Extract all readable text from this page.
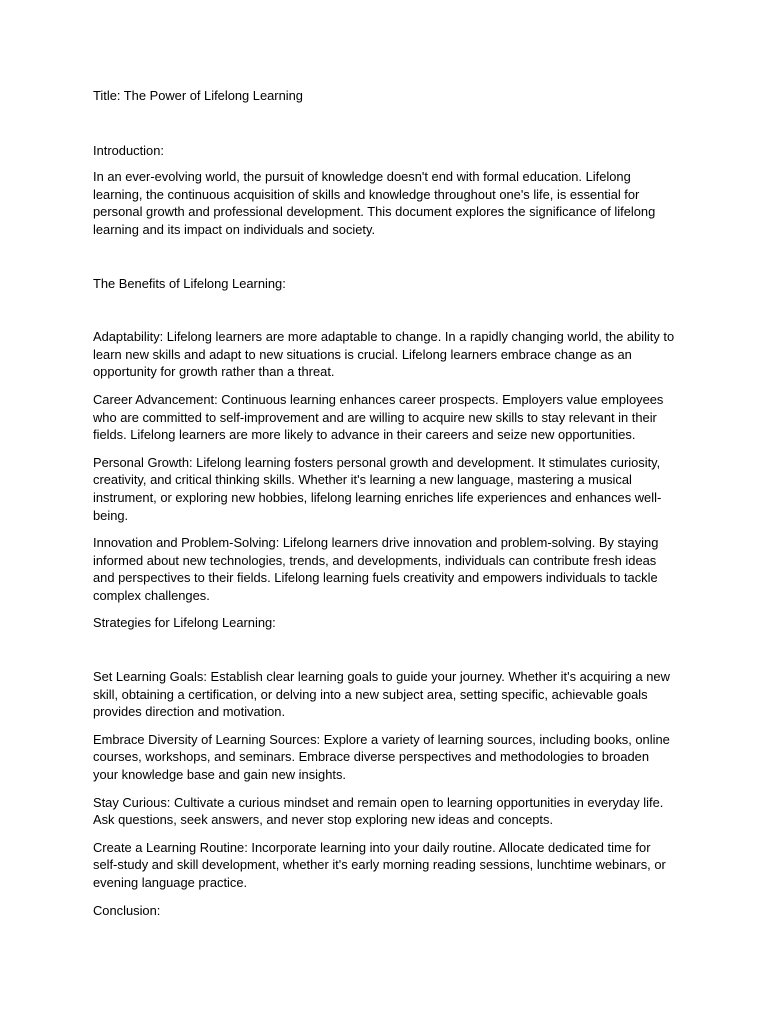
Title: The Power of Lifelong Learning

Introduction:

In an ever-evolving world, the pursuit of knowledge doesn't end with formal education. Lifelong learning, the continuous acquisition of skills and knowledge throughout one's life, is essential for personal growth and professional development. This document explores the significance of lifelong learning and its impact on individuals and society.

The Benefits of Lifelong Learning:

Adaptability: Lifelong learners are more adaptable to change. In a rapidly changing world, the ability to learn new skills and adapt to new situations is crucial. Lifelong learners embrace change as an opportunity for growth rather than a threat.

Career Advancement: Continuous learning enhances career prospects. Employers value employees who are committed to self-improvement and are willing to acquire new skills to stay relevant in their fields. Lifelong learners are more likely to advance in their careers and seize new opportunities.

Personal Growth: Lifelong learning fosters personal growth and development. It stimulates curiosity, creativity, and critical thinking skills. Whether it's learning a new language, mastering a musical instrument, or exploring new hobbies, lifelong learning enriches life experiences and enhances well-being.

Innovation and Problem-Solving: Lifelong learners drive innovation and problem-solving. By staying informed about new technologies, trends, and developments, individuals can contribute fresh ideas and perspectives to their fields. Lifelong learning fuels creativity and empowers individuals to tackle complex challenges.

Strategies for Lifelong Learning:

Set Learning Goals: Establish clear learning goals to guide your journey. Whether it's acquiring a new skill, obtaining a certification, or delving into a new subject area, setting specific, achievable goals provides direction and motivation.

Embrace Diversity of Learning Sources: Explore a variety of learning sources, including books, online courses, workshops, and seminars. Embrace diverse perspectives and methodologies to broaden your knowledge base and gain new insights.

Stay Curious: Cultivate a curious mindset and remain open to learning opportunities in everyday life. Ask questions, seek answers, and never stop exploring new ideas and concepts.

Create a Learning Routine: Incorporate learning into your daily routine. Allocate dedicated time for self-study and skill development, whether it's early morning reading sessions, lunchtime webinars, or evening language practice.

Conclusion:
